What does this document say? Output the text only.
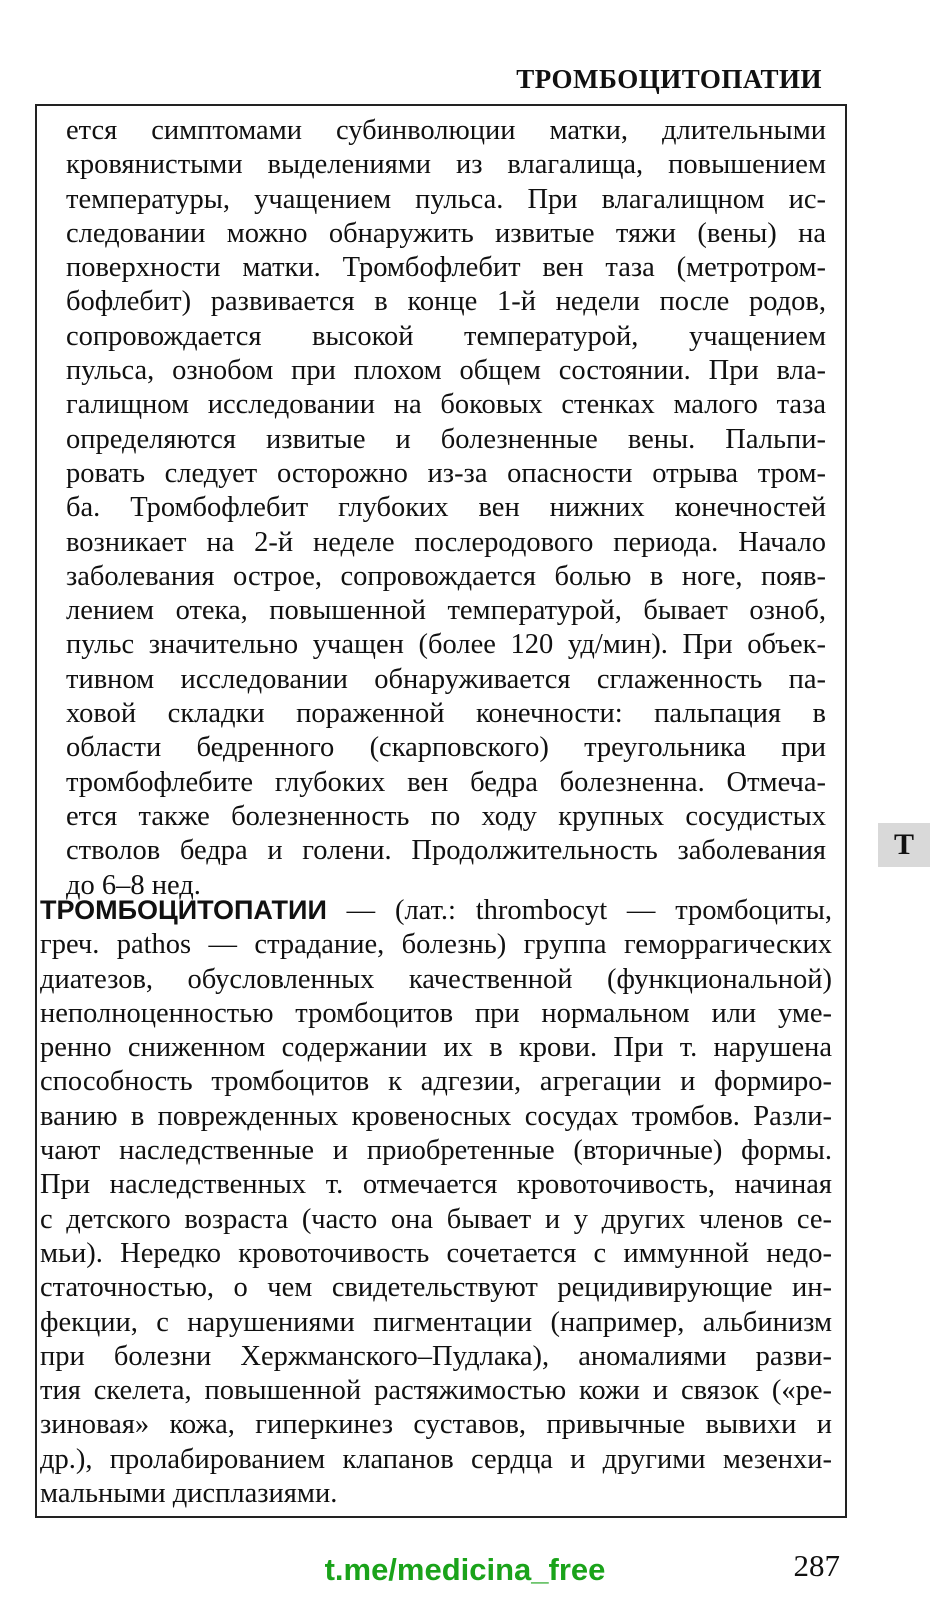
ТРОМБОЦИТОПАТИИ
ется симптомами субинволюции матки, длительными
кровянистыми выделениями из влагалища, повышением
температуры, учащением пульса. При влагалищном ис-
следовании можно обнаружить извитые тяжи (вены) на
поверхности матки. Тромбофлебит вен таза (метротром-
бофлебит) развивается в конце 1-й недели после родов,
сопровождается высокой температурой, учащением
пульса, ознобом при плохом общем состоянии. При вла-
галищном исследовании на боковых стенках малого таза
определяются извитые и болезненные вены. Пальпи-
ровать следует осторожно из-за опасности отрыва тром-
ба. Тромбофлебит глубоких вен нижних конечностей
возникает на 2-й неделе послеродового периода. Начало
заболевания острое, сопровождается болью в ноге, появ-
лением отека, повышенной температурой, бывает озноб,
пульс значительно учащен (более 120 уд/мин). При объек-
тивном исследовании обнаруживается сглаженность па-
ховой складки пораженной конечности: пальпация в
области бедренного (скарповского) треугольника при
тромбофлебите глубоких вен бедра болезненна. Отмеча-
ется также болезненность по ходу крупных сосудистых
стволов бедра и голени. Продолжительность заболевания
до 6–8 нед.
ТРОМБОЦИТОПАТИИ — (лат.: thrombocyt — тромбоциты,
греч. pathos — страдание, болезнь) группа геморрагических
диатезов, обусловленных качественной (функциональной)
неполноценностью тромбоцитов при нормальном или уме-
ренно сниженном содержании их в крови. При т. нарушена
способность тромбоцитов к адгезии, агрегации и формиро-
ванию в поврежденных кровеносных сосудах тромбов. Разли-
чают наследственные и приобретенные (вторичные) формы.
При наследственных т. отмечается кровоточивость, начиная
с детского возраста (часто она бывает и у других членов се-
мьи). Нередко кровоточивость сочетается с иммунной недо-
статочностью, о чем свидетельствуют рецидивирующие ин-
фекции, с нарушениями пигментации (например, альбинизм
при болезни Хержманского–Пудлака), аномалиями разви-
тия скелета, повышенной растяжимостью кожи и связок («ре-
зиновая» кожа, гиперкинез суставов, привычные вывихи и
др.), пролабированием клапанов сердца и другими мезенхи-
мальными дисплазиями.
Т
t.me/medicina_free	287
